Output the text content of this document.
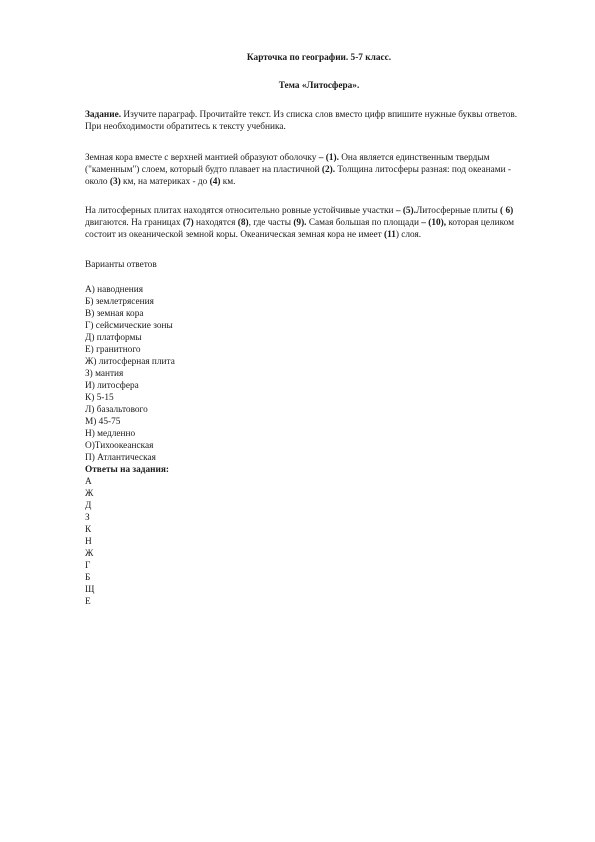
Карточка по географии. 5-7 класс.

Тема «Литосфера».

Задание. Изучите параграф. Прочитайте текст. Из списка слов вместо цифр впишите нужные буквы ответов. При необходимости обратитесь к тексту учебника.

Земная кора вместе с верхней мантией образуют оболочку – (1). Она является единственным твердым ("каменным") слоем, который будто плавает на пластичной (2). Толщина литосферы разная: под океанами - около (3) км, на материках - до (4) км.

На литосферных плитах находятся относительно ровные устойчивые участки – (5).Литосферные плиты ( 6) двигаются. На границах (7) находятся (8), где часты (9). Самая большая по площади – (10), которая целиком состоит из океанической земной коры. Океаническая земная кора не имеет (11) слоя.

Варианты ответов

А) наводнения
Б) землетрясения
В) земная кора
Г) сейсмические зоны
Д) платформы
Е) гранитного
Ж) литосферная плита
З) мантия
И) литосфера
К) 5-15
Л) базальтового
М) 45-75
Н) медленно
О)Тихоокеанская
П) Атлантическая

Ответы на задания:

А
Ж
Д
З
К
Н
Ж
Г
Б
Щ
Е
